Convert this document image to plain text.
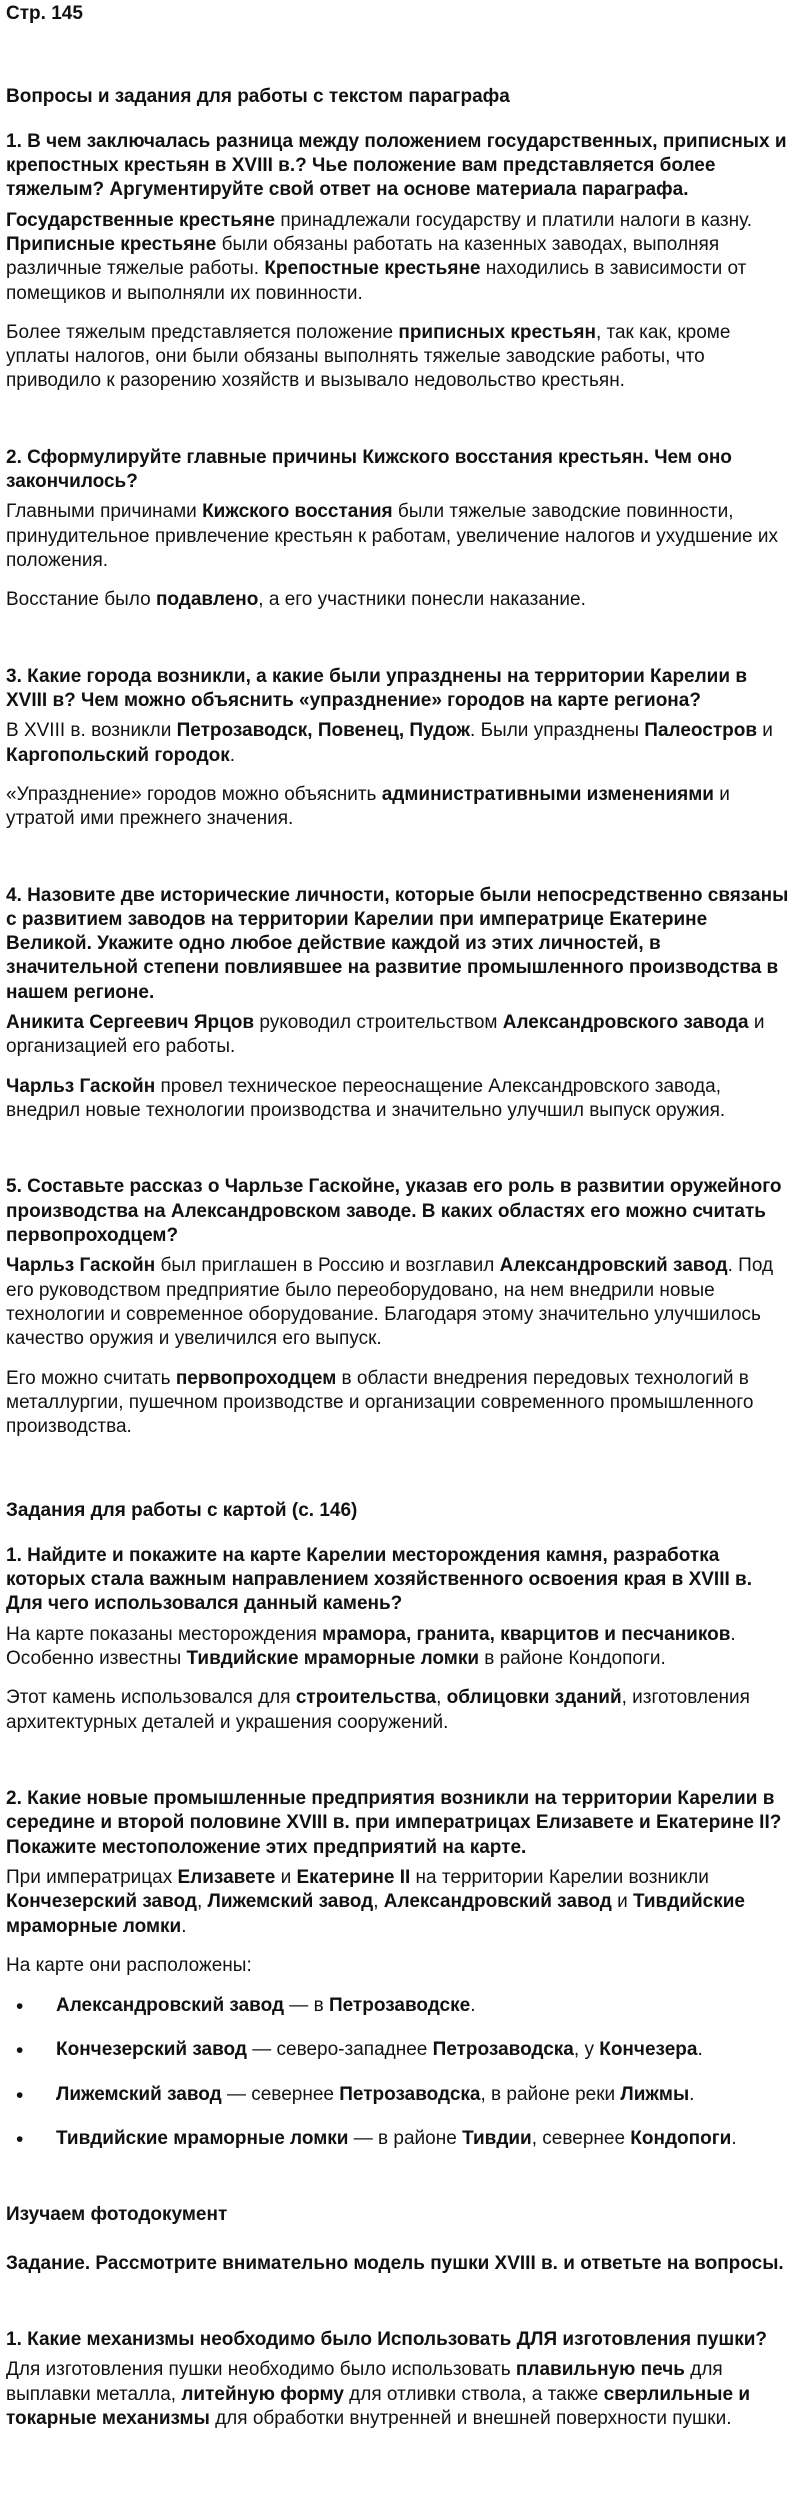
Стр. 145

Вопросы и задания для работы с текстом параграфа

1. В чем заключалась разница между положением государственных, приписных и крепостных крестьян в XVIII в.? Чье положение вам представляется более тяжелым? Аргументируйте свой ответ на основе материала параграфа.

Государственные крестьяне принадлежали государству и платили налоги в казну. Приписные крестьяне были обязаны работать на казенных заводах, выполняя различные тяжелые работы. Крепостные крестьяне находились в зависимости от помещиков и выполняли их повинности.

Более тяжелым представляется положение приписных крестьян, так как, кроме уплаты налогов, они были обязаны выполнять тяжелые заводские работы, что приводило к разорению хозяйств и вызывало недовольство крестьян.

2. Сформулируйте главные причины Кижского восстания крестьян. Чем оно закончилось?

Главными причинами Кижского восстания были тяжелые заводские повинности, принудительное привлечение крестьян к работам, увеличение налогов и ухудшение их положения.

Восстание было подавлено, а его участники понесли наказание.

3. Какие города возникли, а какие были упразднены на территории Карелии в XVIII в? Чем можно объяснить «упразднение» городов на карте региона?

В XVIII в. возникли Петрозаводск, Повенец, Пудож. Были упразднены Палеостров и Каргопольский городок.

«Упразднение» городов можно объяснить административными изменениями и утратой ими прежнего значения.

4. Назовите две исторические личности, которые были непосредственно связаны с развитием заводов на территории Карелии при императрице Екатерине Великой. Укажите одно любое действие каждой из этих личностей, в значительной степени повлиявшее на развитие промышленного производства в нашем регионе.

Аникита Сергеевич Ярцов руководил строительством Александровского завода и организацией его работы.

Чарльз Гаскойн провел техническое переоснащение Александровского завода, внедрил новые технологии производства и значительно улучшил выпуск оружия.

5. Составьте рассказ о Чарльзе Гаскойне, указав его роль в развитии оружейного производства на Александровском заводе. В каких областях его можно считать первопроходцем?

Чарльз Гаскойн был приглашен в Россию и возглавил Александровский завод. Под его руководством предприятие было переоборудовано, на нем внедрили новые технологии и современное оборудование. Благодаря этому значительно улучшилось качество оружия и увеличился его выпуск.

Его можно считать первопроходцем в области внедрения передовых технологий в металлургии, пушечном производстве и организации современного промышленного производства.

Задания для работы с картой (с. 146)

1. Найдите и покажите на карте Карелии месторождения камня, разработка которых стала важным направлением хозяйственного освоения края в XVIII в. Для чего использовался данный камень?

На карте показаны месторождения мрамора, гранита, кварцитов и песчаников. Особенно известны Тивдийские мраморные ломки в районе Кондопоги.

Этот камень использовался для строительства, облицовки зданий, изготовления архитектурных деталей и украшения сооружений.

2. Какие новые промышленные предприятия возникли на территории Карелии в середине и второй половине XVIII в. при императрицах Елизавете и Екатерине II? Покажите местоположение этих предприятий на карте.

При императрицах Елизавете и Екатерине II на территории Карелии возникли Кончезерский завод, Лижемский завод, Александровский завод и Тивдийские мраморные ломки.

На карте они расположены:

• Александровский завод — в Петрозаводске.
• Кончезерский завод — северо-западнее Петрозаводска, у Кончезера.
• Лижемский завод — севернее Петрозаводска, в районе реки Лижмы.
• Тивдийские мраморные ломки — в районе Тивдии, севернее Кондопоги.

Изучаем фотодокумент

Задание. Рассмотрите внимательно модель пушки XVIII в. и ответьте на вопросы.

1. Какие механизмы необходимо было Использовать ДЛЯ изготовления пушки?

Для изготовления пушки необходимо было использовать плавильную печь для выплавки металла, литейную форму для отливки ствола, а также сверлильные и токарные механизмы для обработки внутренней и внешней поверхности пушки.
